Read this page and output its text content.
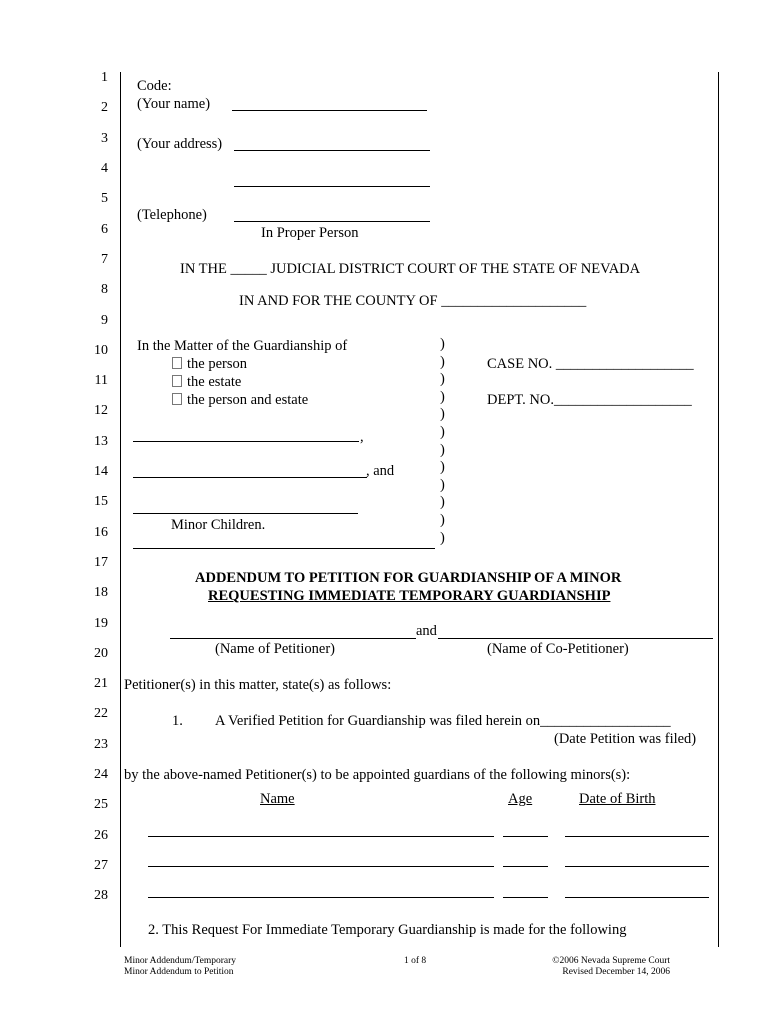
1
2
3
4
5
6
7
8
9
10
11
12
13
14
15
16
17
18
19
20
21
22
23
24
25
26
27
28
Code:
(Your name)
(Your address)
(Telephone)
In Proper Person
IN THE _____ JUDICIAL DISTRICT COURT OF THE STATE OF NEVADA
IN AND FOR THE COUNTY OF ____________________
In the Matter of the Guardianship of
the person
the estate
the person and estate
,
, and
Minor Children.
)
)
)
)
)
)
)
)
)
)
)
)
CASE NO. ___________________
DEPT. NO.___________________
ADDENDUM TO PETITION FOR GUARDIANSHIP OF A MINOR
REQUESTING IMMEDIATE TEMPORARY GUARDIANSHIP
and
(Name of Petitioner)	(Name of Co-Petitioner)
Petitioner(s) in this matter, state(s) as follows:
1. A Verified Petition for Guardianship was filed herein on__________________
(Date Petition was filed)
by the above-named Petitioner(s) to be appointed guardians of the following minors(s):
Name	Age	Date of Birth
2. This Request For Immediate Temporary Guardianship is made for the following
Minor Addendum/Temporary
Minor Addendum to Petition
1 of 8	©2006 Nevada Supreme Court
Revised December 14, 2006
